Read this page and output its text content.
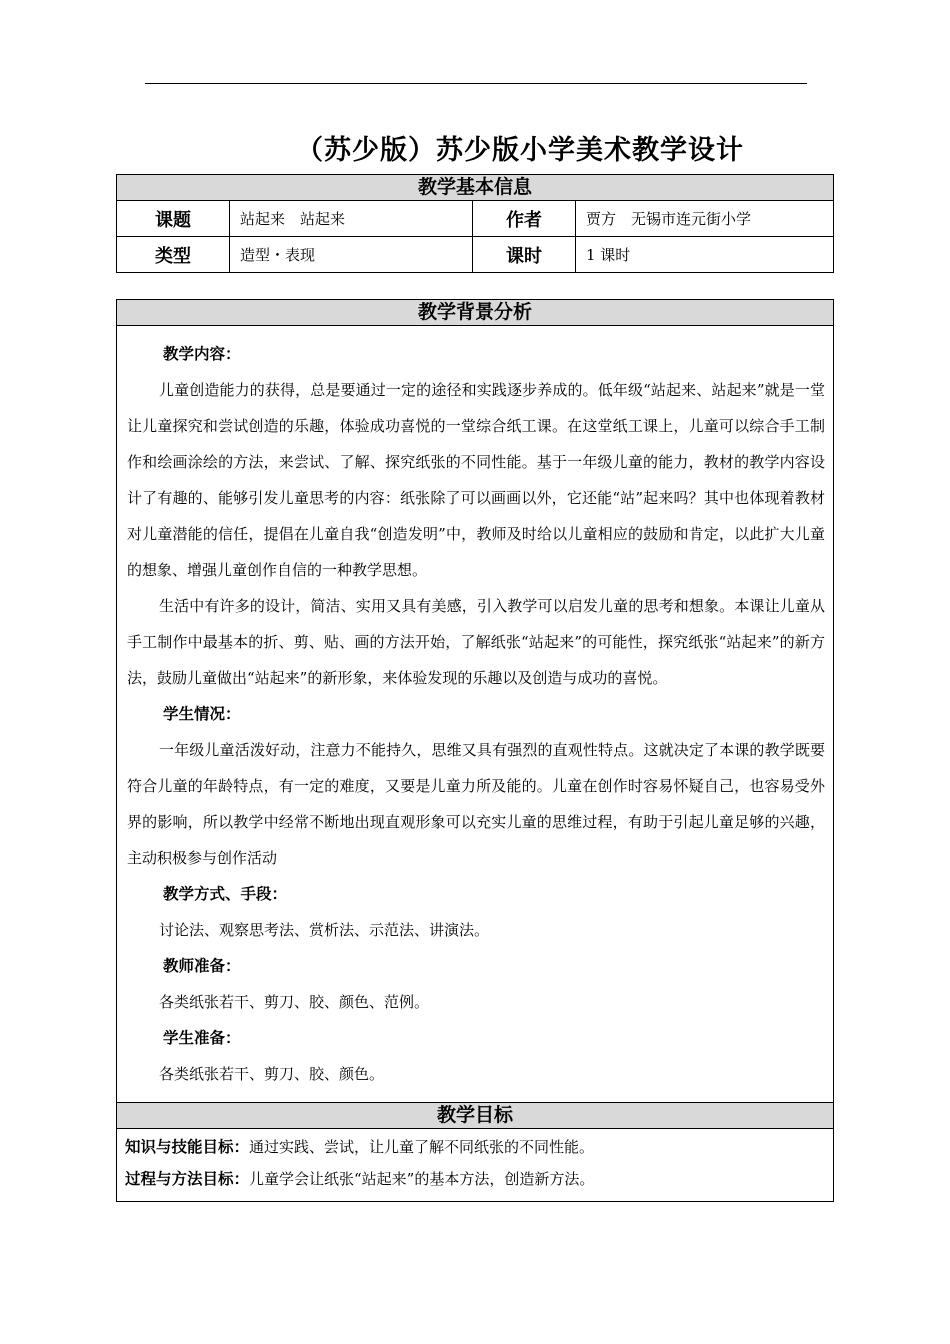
（苏少版）苏少版小学美术教学设计
教学基本信息			
课题	站起来　站起来	作者	贾方　无锡市连元街小学
类型	造型・表现	课时	1 课时
教学背景分析

教学内容：
儿童创造能力的获得，总是要通过一定的途径和实践逐步养成的。低年级“站起来、站起来”就是一堂让儿童探究和尝试创造的乐趣，体验成功喜悦的一堂综合纸工课。在这堂纸工课上，儿童可以综合手工制作和绘画涂绘的方法，来尝试、了解、探究纸张的不同性能。基于一年级儿童的能力，教材的教学内容设计了有趣的、能够引发儿童思考的内容：纸张除了可以画画以外，它还能“站”起来吗？其中也体现着教材对儿童潜能的信任，提倡在儿童自我“创造发明”中，教师及时给以儿童相应的鼓励和肯定，以此扩大儿童的想象、增强儿童创作自信的一种教学思想。
生活中有许多的设计，简洁、实用又具有美感，引入教学可以启发儿童的思考和想象。本课让儿童从手工制作中最基本的折、剪、贴、画的方法开始，了解纸张“站起来”的可能性，探究纸张“站起来”的新方法，鼓励儿童做出“站起来”的新形象，来体验发现的乐趣以及创造与成功的喜悦。
学生情况：
一年级儿童活泼好动，注意力不能持久，思维又具有强烈的直观性特点。这就决定了本课的教学既要符合儿童的年龄特点，有一定的难度，又要是儿童力所及能的。儿童在创作时容易怀疑自己，也容易受外界的影响，所以教学中经常不断地出现直观形象可以充实儿童的思维过程，有助于引起儿童足够的兴趣，主动积极参与创作活动
教学方式、手段：
讨论法、观察思考法、赏析法、示范法、讲演法。
教师准备：
各类纸张若干、剪刀、胶、颜色、范例。
学生准备：
各类纸张若干、剪刀、胶、颜色。

教学目标

知识与技能目标：通过实践、尝试，让儿童了解不同纸张的不同性能。
过程与方法目标：儿童学会让纸张“站起来”的基本方法，创造新方法。
